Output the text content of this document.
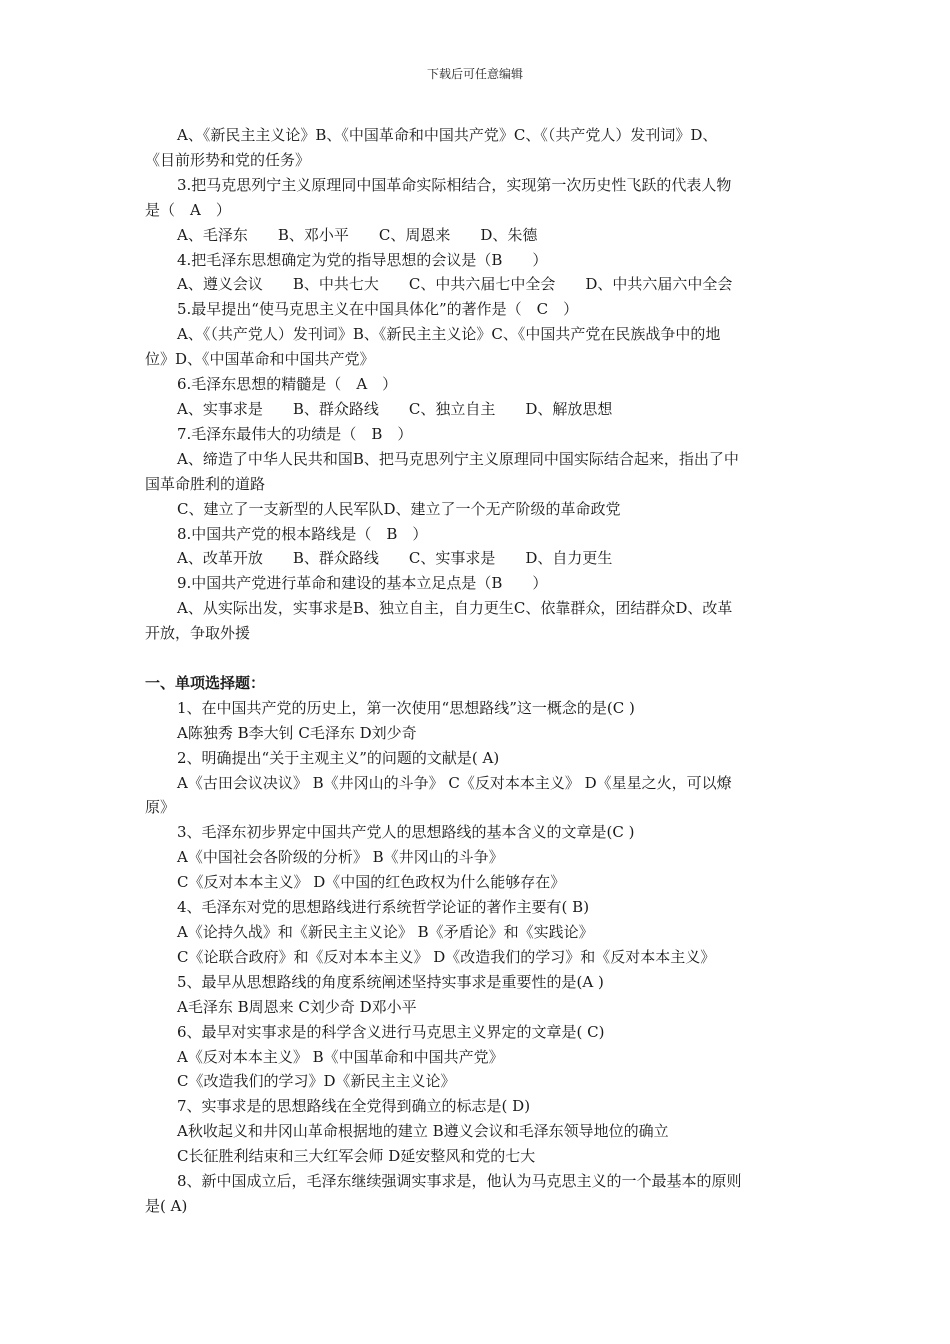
下载后可任意编辑
A、《新民主主义论》B、《中国革命和中国共产党》C、《（共产党人）发刊词》D、
《目前形势和党的任务》
3.把马克思列宁主义原理同中国革命实际相结合，实现第一次历史性飞跃的代表人物
是（　A　）
A、毛泽东　　B、邓小平　　C、周恩来　　D、朱德
4.把毛泽东思想确定为党的指导思想的会议是（B　　）
A、遵义会议　　B、中共七大　　C、中共六届七中全会　　D、中共六届六中全会
5.最早提出“使马克思主义在中国具体化”的著作是（　C　）
A、《（共产党人）发刊词》B、《新民主主义论》C、《中国共产党在民族战争中的地
位》D、《中国革命和中国共产党》
6.毛泽东思想的精髓是（　A　）
A、实事求是　　B、群众路线　　C、独立自主　　D、解放思想
7.毛泽东最伟大的功绩是（　B　）
A、缔造了中华人民共和国B、把马克思列宁主义原理同中国实际结合起来，指出了中
国革命胜利的道路
C、建立了一支新型的人民军队D、建立了一个无产阶级的革命政党
8.中国共产党的根本路线是（　B　）
A、改革开放　　B、群众路线　　C、实事求是　　D、自力更生
9.中国共产党进行革命和建设的基本立足点是（B　　）
A、从实际出发，实事求是B、独立自主，自力更生C、依靠群众，团结群众D、改革
开放，争取外援
一、单项选择题：
1、在中国共产党的历史上，第一次使用“思想路线”这一概念的是(C )
A陈独秀 B李大钊 C毛泽东 D刘少奇
2、明确提出“关于主观主义”的问题的文献是( A)
A《古田会议决议》 B《井冈山的斗争》 C《反对本本主义》 D《星星之火，可以燎
原》
3、毛泽东初步界定中国共产党人的思想路线的基本含义的文章是(C )
A《中国社会各阶级的分析》 B《井冈山的斗争》
C《反对本本主义》 D《中国的红色政权为什么能够存在》
4、毛泽东对党的思想路线进行系统哲学论证的著作主要有( B)
A《论持久战》和《新民主主义论》 B《矛盾论》和《实践论》
C《论联合政府》和《反对本本主义》 D《改造我们的学习》和《反对本本主义》
5、最早从思想路线的角度系统阐述坚持实事求是重要性的是(A )
A毛泽东 B周恩来 C刘少奇 D邓小平
6、最早对实事求是的科学含义进行马克思主义界定的文章是( C)
A《反对本本主义》 B《中国革命和中国共产党》
C《改造我们的学习》D《新民主主义论》
7、实事求是的思想路线在全党得到确立的标志是( D)
A秋收起义和井冈山革命根据地的建立 B遵义会议和毛泽东领导地位的确立
C长征胜利结束和三大红军会师 D延安整风和党的七大
8、新中国成立后，毛泽东继续强调实事求是，他认为马克思主义的一个最基本的原则
是( A)
